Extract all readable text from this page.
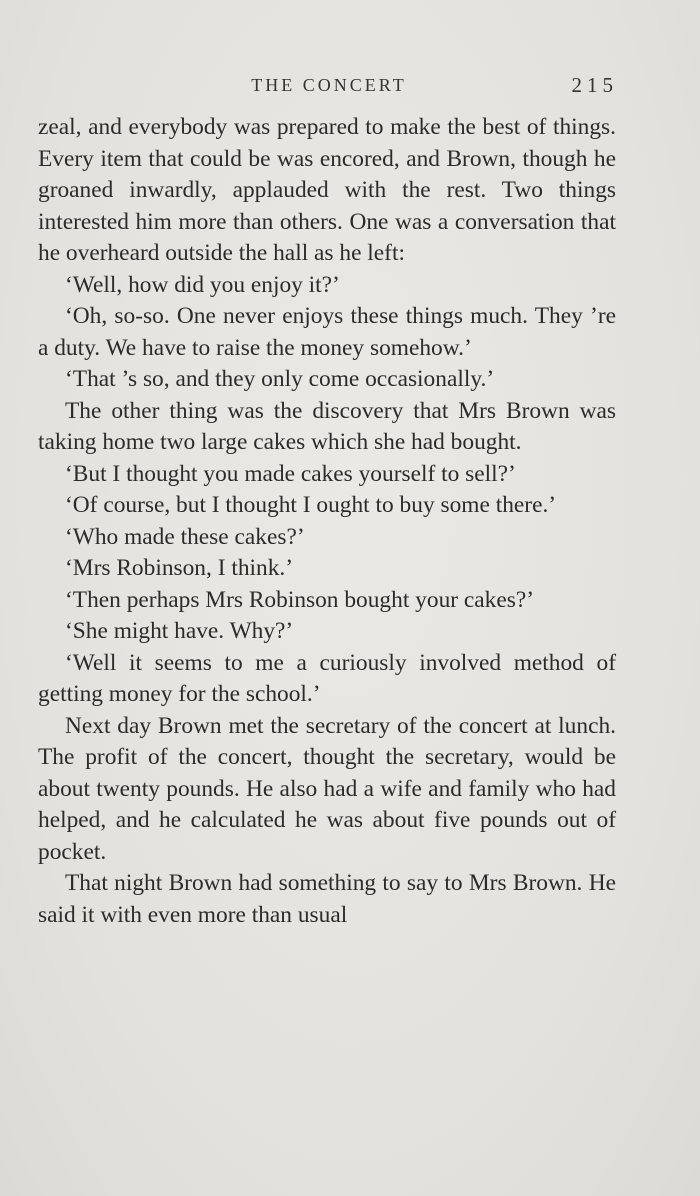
THE CONCERT	215

zeal, and everybody was prepared to make the best of things. Every item that could be was encored, and Brown, though he groaned inwardly, applauded with the rest. Two things interested him more than others. One was a conversation that he overheard outside the hall as he left:

‘Well, how did you enjoy it?’

‘Oh, so-so. One never enjoys these things much. They ’re a duty. We have to raise the money somehow.’

‘That ’s so, and they only come occasionally.’

The other thing was the discovery that Mrs Brown was taking home two large cakes which she had bought.

‘But I thought you made cakes yourself to sell?’

‘Of course, but I thought I ought to buy some there.’

‘Who made these cakes?’

‘Mrs Robinson, I think.’

‘Then perhaps Mrs Robinson bought your cakes?’

‘She might have. Why?’

‘Well it seems to me a curiously involved method of getting money for the school.’

Next day Brown met the secretary of the concert at lunch. The profit of the concert, thought the secretary, would be about twenty pounds. He also had a wife and family who had helped, and he calculated he was about five pounds out of pocket.

That night Brown had something to say to Mrs Brown. He said it with even more than usual
